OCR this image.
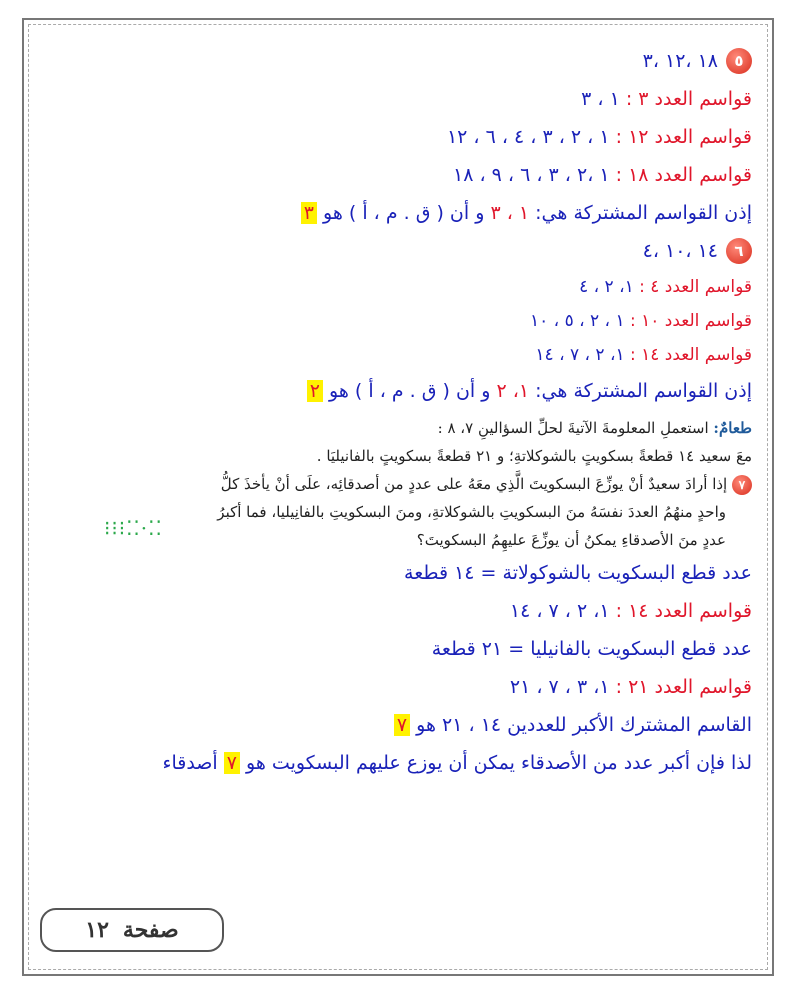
٥
١٨ ،١٢ ،٣
قواسم العدد ٣ : ١ ، ٣
قواسم العدد ١٢ : ١ ، ٢ ، ٣ ، ٤ ، ٦ ، ١٢
قواسم العدد ١٨ : ١ ،٢ ، ٣ ، ٦ ، ٩ ، ١٨
إذن القواسم المشتركة هي: ١ ، ٣ و أن ( ق . م ، أ ) هو ٣
٦
١٤ ،١٠ ،٤
قواسم العدد ٤ : ١، ٢ ، ٤
قواسم العدد ١٠ : ١ ، ٢ ، ٥ ، ١٠
قواسم العدد ١٤ : ١، ٢ ، ٧ ، ١٤
إذن القواسم المشتركة هي: ١، ٢ و أن ( ق . م ، أ ) هو ٢
طعامٌ: استعملِ المعلومةَ الآتيةَ لحلِّ السؤالينِ ٧، ٨ :
معَ سعيد ١٤ قطعةً بسكويتٍ بالشوكلاتةِ؛ و ٢١ قطعةً بسكويتٍ بالفانيليَا .
٧ إذا أرادَ سعيدٌ أنْ يوزِّعَ البسكويتَ الَّذِي معَهُ على عددٍ من أصدقائِه، علَى أنْ يأخذَ كلُّ
واحدٍ منهُمُ العددَ نفسَهُ منَ البسكويتِ بالشوكلاتةِ، ومنَ البسكويتِ بالفانِيليا، فما أكبرُ
عددٍ منَ الأصدقاءِ يمكنُ أن يوزِّعَ عليهِمُ البسكويتَ؟
⁚⁚·⁚⁚⁝⁝⁝
عدد قطع البسكويت بالشوكولاتة = ١٤ قطعة
قواسم العدد ١٤ : ١، ٢ ، ٧ ، ١٤
عدد قطع البسكويت بالفانيليا = ٢١ قطعة
قواسم العدد ٢١ : ١، ٣ ، ٧ ، ٢١
القاسم المشترك الأكبر للعددين ١٤ ، ٢١ هو ٧
لذا فإن أكبر عدد من الأصدقاء يمكن أن يوزع عليهم البسكويت هو ٧ أصدقاء
صفحة
١٢
